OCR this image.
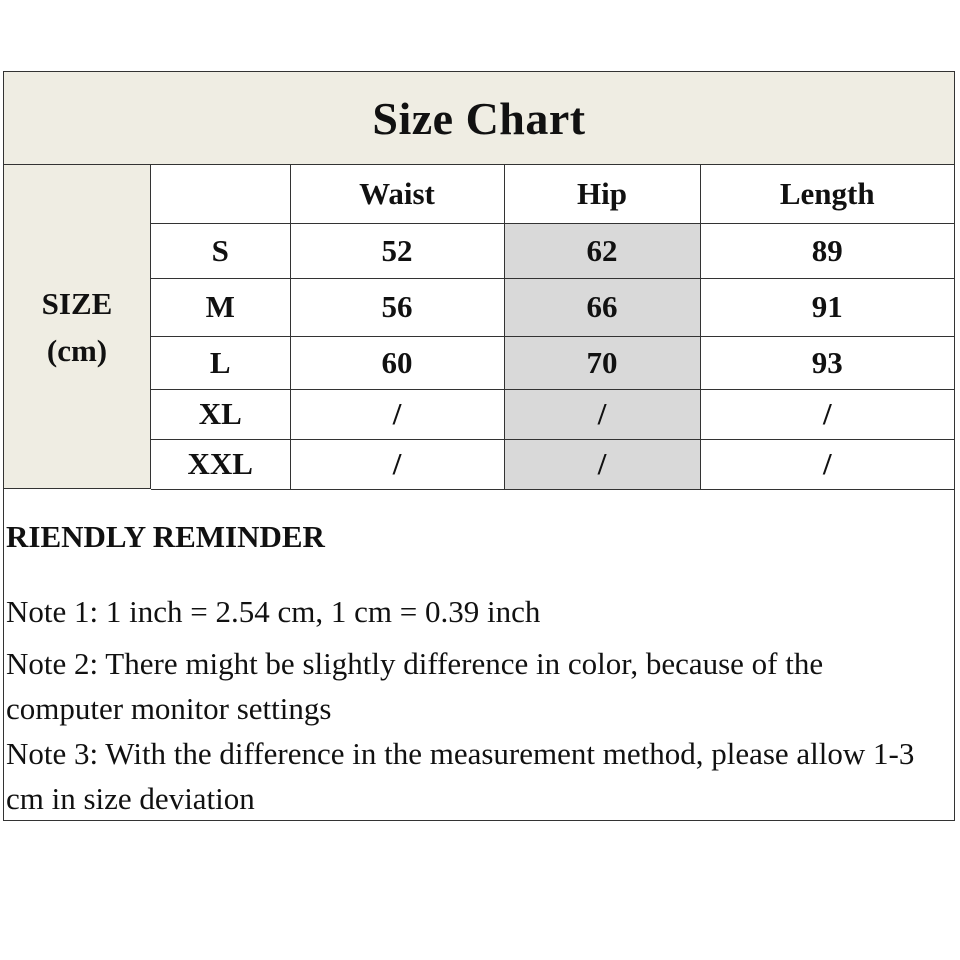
Size Chart
SIZE
(cm)
	Waist	Hip	Length
S	52	62	89
M	56	66	91
L	60	70	93
XL	/	/	/
XXL	/	/	/
RIENDLY REMINDER
Note 1: 1 inch = 2.54 cm, 1 cm = 0.39 inch
Note 2: There might be slightly difference in color, because of the computer monitor settings
Note 3: With the difference in the measurement method, please allow 1-3 cm in size deviation
